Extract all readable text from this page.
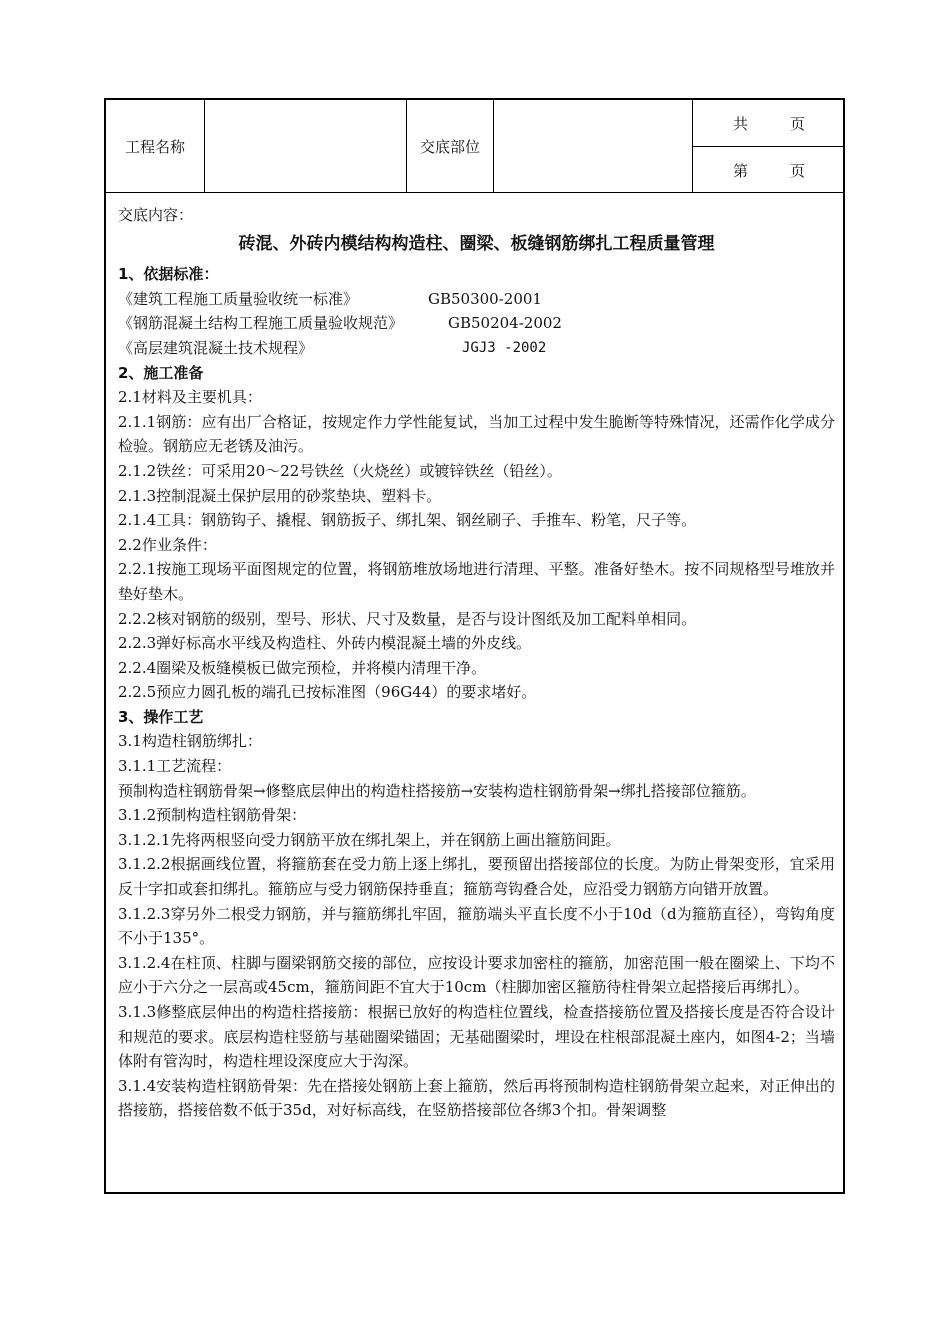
工程名称	交底部位
共	页
第	页
交底内容：
砖混、外砖内模结构构造柱、圈梁、板缝钢筋绑扎工程质量管理
1、依据标准：
《建筑工程施工质量验收统一标准》	GB50300-2001
《钢筋混凝土结构工程施工质量验收规范》	GB50204-2002
《高层建筑混凝土技术规程》	JGJ3 -2002
2、施工准备
2.1材料及主要机具：
2.1.1钢筋：应有出厂合格证，按规定作力学性能复试，当加工过程中发生脆断等特殊情况，还需作化学成分检验。钢筋应无老锈及油污。
2.1.2铁丝：可采用20～22号铁丝（火烧丝）或镀锌铁丝（铅丝）。
2.1.3控制混凝土保护层用的砂浆垫块、塑料卡。
2.1.4工具：钢筋钩子、撬棍、钢筋扳子、绑扎架、钢丝刷子、手推车、粉笔，尺子等。
2.2作业条件：
2.2.1按施工现场平面图规定的位置，将钢筋堆放场地进行清理、平整。准备好垫木。按不同规格型号堆放并垫好垫木。
2.2.2核对钢筋的级别，型号、形状、尺寸及数量，是否与设计图纸及加工配料单相同。
2.2.3弹好标高水平线及构造柱、外砖内模混凝土墙的外皮线。
2.2.4圈梁及板缝模板已做完预检，并将模内清理干净。
2.2.5预应力圆孔板的端孔已按标准图（96G44）的要求堵好。
3、操作工艺
3.1构造柱钢筋绑扎：
3.1.1工艺流程：
预制构造柱钢筋骨架→修整底层伸出的构造柱搭接筋→安装构造柱钢筋骨架→绑扎搭接部位箍筋。
3.1.2预制构造柱钢筋骨架：
3.1.2.1先将两根竖向受力钢筋平放在绑扎架上，并在钢筋上画出箍筋间距。
3.1.2.2根据画线位置，将箍筋套在受力筋上逐上绑扎，要预留出搭接部位的长度。为防止骨架变形，宜采用反十字扣或套扣绑扎。箍筋应与受力钢筋保持垂直；箍筋弯钩叠合处，应沿受力钢筋方向错开放置。
3.1.2.3穿另外二根受力钢筋，并与箍筋绑扎牢固，箍筋端头平直长度不小于10d（d为箍筋直径），弯钩角度不小于135°。
3.1.2.4在柱顶、柱脚与圈梁钢筋交接的部位，应按设计要求加密柱的箍筋，加密范围一般在圈梁上、下均不应小于六分之一层高或45cm，箍筋间距不宜大于10cm（柱脚加密区箍筋待柱骨架立起搭接后再绑扎）。
3.1.3修整底层伸出的构造柱搭接筋：根据已放好的构造柱位置线，检查搭接筋位置及搭接长度是否符合设计和规范的要求。底层构造柱竖筋与基础圈梁锚固；无基础圈梁时，埋设在柱根部混凝土座内，如图4-2；当墙体附有管沟时，构造柱埋设深度应大于沟深。
3.1.4安装构造柱钢筋骨架：先在搭接处钢筋上套上箍筋，然后再将预制构造柱钢筋骨架立起来，对正伸出的搭接筋，搭接倍数不低于35d，对好标高线，在竖筋搭接部位各绑3个扣。骨架调整
